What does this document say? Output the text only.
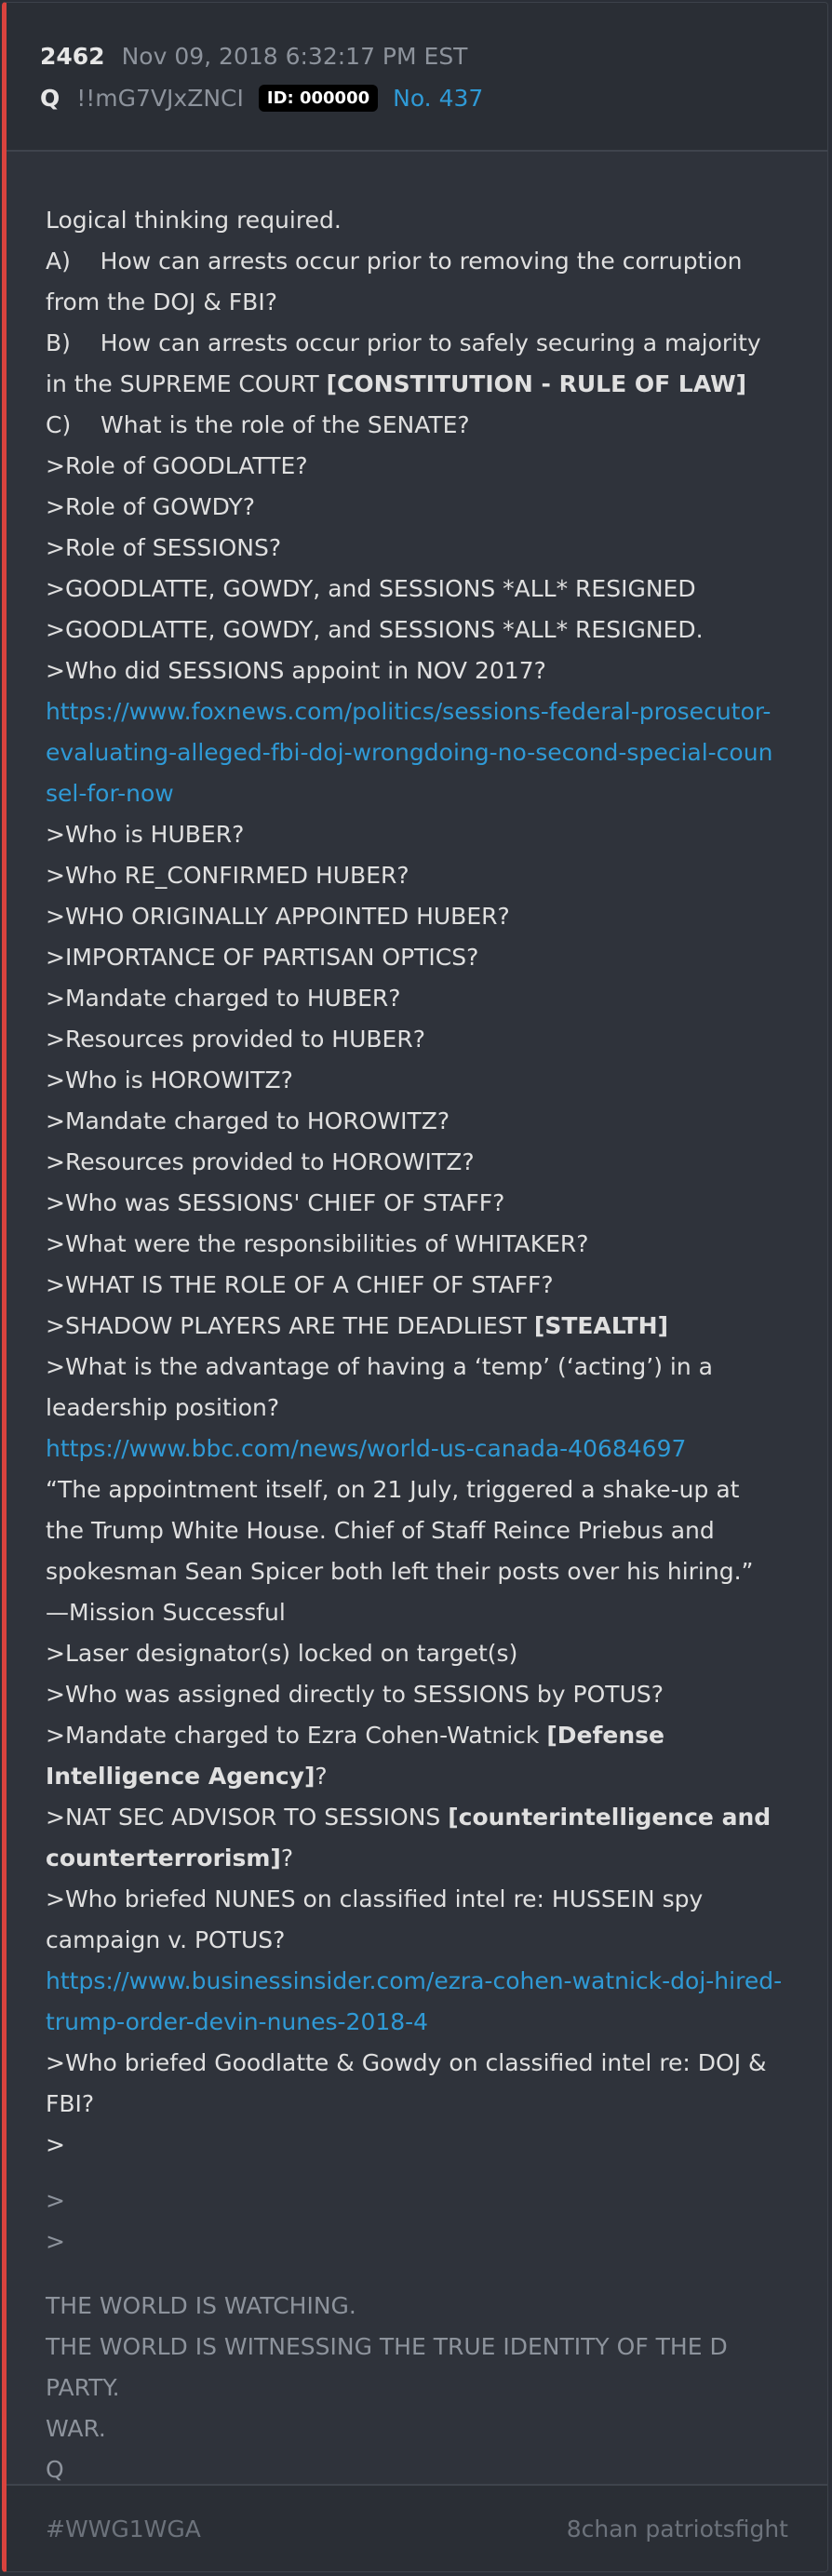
2462 Nov 09, 2018 6:32:17 PM EST
Q !!mG7VJxZNCI	ID: 000000	No. 437
Logical thinking required.
A)    How can arrests occur prior to removing the corruption from the DOJ & FBI?
B)    How can arrests occur prior to safely securing a majority in the SUPREME COURT [CONSTITUTION - RULE OF LAW]
C)    What is the role of the SENATE?
>Role of GOODLATTE?
>Role of GOWDY?
>Role of SESSIONS?
>GOODLATTE, GOWDY, and SESSIONS *ALL* RESIGNED
>GOODLATTE, GOWDY, and SESSIONS *ALL* RESIGNED.
>Who did SESSIONS appoint in NOV 2017?
https://www.foxnews.com/politics/sessions-federal-prosecutor-evaluating-alleged-fbi-doj-wrongdoing-no-second-special-counsel-for-now
>Who is HUBER?
>Who RE_CONFIRMED HUBER?
>WHO ORIGINALLY APPOINTED HUBER?
>IMPORTANCE OF PARTISAN OPTICS?
>Mandate charged to HUBER?
>Resources provided to HUBER?
>Who is HOROWITZ?
>Mandate charged to HOROWITZ?
>Resources provided to HOROWITZ?
>Who was SESSIONS' CHIEF OF STAFF?
>What were the responsibilities of WHITAKER?
>WHAT IS THE ROLE OF A CHIEF OF STAFF?
>SHADOW PLAYERS ARE THE DEADLIEST [STEALTH]
>What is the advantage of having a ‘temp’ (‘acting’) in a leadership position?
https://www.bbc.com/news/world-us-canada-40684697
“The appointment itself, on 21 July, triggered a shake-up at the Trump White House. Chief of Staff Reince Priebus and spokesman Sean Spicer both left their posts over his hiring.” —Mission Successful
>Laser designator(s) locked on target(s)
>Who was assigned directly to SESSIONS by POTUS?
>Mandate charged to Ezra Cohen-Watnick [Defense Intelligence Agency]?
>NAT SEC ADVISOR TO SESSIONS [counterintelligence and counterterrorism]?
>Who briefed NUNES on classified intel re: HUSSEIN spy campaign v. POTUS?
https://www.businessinsider.com/ezra-cohen-watnick-doj-hired-trump-order-devin-nunes-2018-4
>Who briefed Goodlatte & Gowdy on classified intel re: DOJ & FBI?
>
>
>
THE WORLD IS WATCHING.
THE WORLD IS WITNESSING THE TRUE IDENTITY OF THE D PARTY.
WAR.
Q
#WWG1WGA	8chan patriotsfight
